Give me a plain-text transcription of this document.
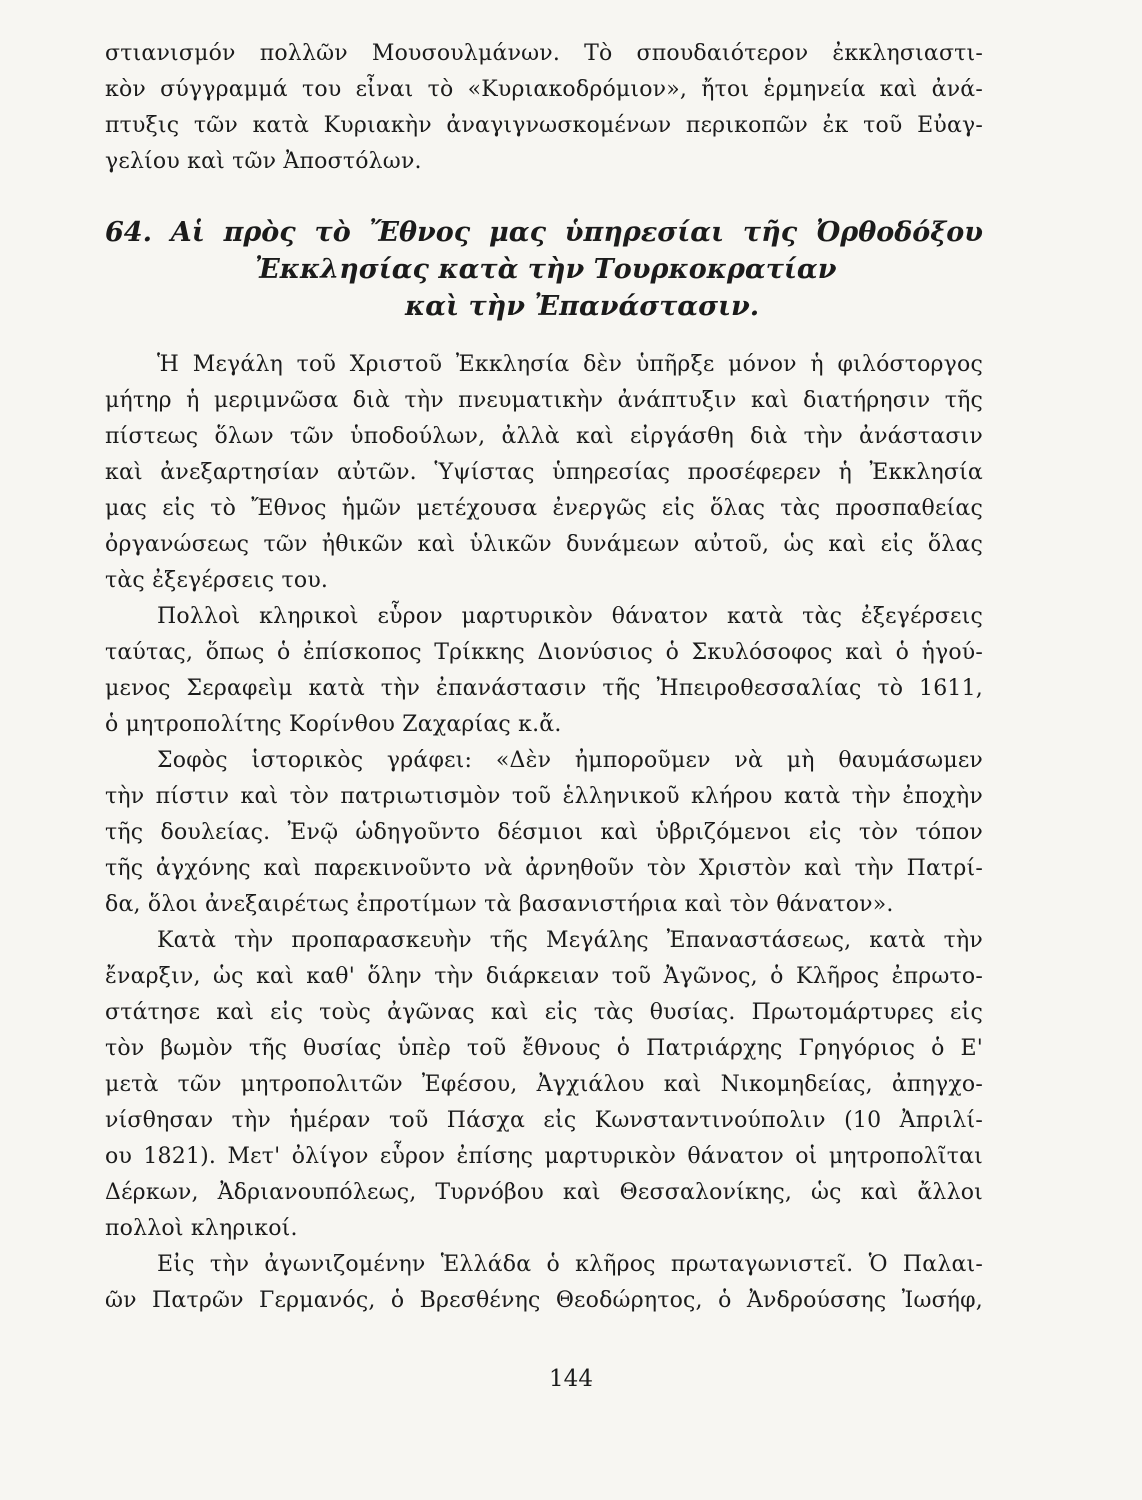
στιανισμόν πολλῶν Μουσουλμάνων. Τὸ σπουδαιότερον ἐκκλησιαστι-
κὸν σύγγραμμά του εἶναι τὸ «Κυριακοδρόμιον», ἤτοι ἑρμηνεία καὶ ἀνά-
πτυξις τῶν κατὰ Κυριακὴν ἀναγιγνωσκομένων περικοπῶν ἐκ τοῦ Εὐαγ-
γελίου καὶ τῶν Ἀποστόλων.
64. Αἱ πρὸς τὸ Ἔθνος μας ὑπηρεσίαι τῆς Ὀρθοδόξου
Ἐκκλησίας κατὰ τὴν Τουρκοκρατίαν
καὶ τὴν Ἐπανάστασιν.
Ἡ Μεγάλη τοῦ Χριστοῦ Ἐκκλησία δὲν ὑπῆρξε μόνον ἡ φιλόστοργος
μήτηρ ἡ μεριμνῶσα διὰ τὴν πνευματικὴν ἀνάπτυξιν καὶ διατήρησιν τῆς
πίστεως ὅλων τῶν ὑποδούλων, ἀλλὰ καὶ εἰργάσθη διὰ τὴν ἀνάστασιν
καὶ ἀνεξαρτησίαν αὐτῶν. Ὑψίστας ὑπηρεσίας προσέφερεν ἡ Ἐκκλησία
μας εἰς τὸ Ἔθνος ἡμῶν μετέχουσα ἐνεργῶς εἰς ὅλας τὰς προσπαθείας
ὀργανώσεως τῶν ἠθικῶν καὶ ὑλικῶν δυνάμεων αὐτοῦ, ὡς καὶ εἰς ὅλας
τὰς ἐξεγέρσεις του.
Πολλοὶ κληρικοὶ εὗρον μαρτυρικὸν θάνατον κατὰ τὰς ἐξεγέρσεις
ταύτας, ὅπως ὁ ἐπίσκοπος Τρίκκης Διονύσιος ὁ Σκυλόσοφος καὶ ὁ ἡγού-
μενος Σεραφεὶμ κατὰ τὴν ἐπανάστασιν τῆς Ἠπειροθεσσαλίας τὸ 1611,
ὁ μητροπολίτης Κορίνθου Ζαχαρίας κ.ἄ.
Σοφὸς ἱστορικὸς γράφει: «Δὲν ἠμποροῦμεν νὰ μὴ θαυμάσωμεν
τὴν πίστιν καὶ τὸν πατριωτισμὸν τοῦ ἑλληνικοῦ κλήρου κατὰ τὴν ἐποχὴν
τῆς δουλείας. Ἐνῷ ὡδηγοῦντο δέσμιοι καὶ ὑβριζόμενοι εἰς τὸν τόπον
τῆς ἀγχόνης καὶ παρεκινοῦντο νὰ ἀρνηθοῦν τὸν Χριστὸν καὶ τὴν Πατρί-
δα, ὅλοι ἀνεξαιρέτως ἐπροτίμων τὰ βασανιστήρια καὶ τὸν θάνατον».
Κατὰ τὴν προπαρασκευὴν τῆς Μεγάλης Ἐπαναστάσεως, κατὰ τὴν
ἔναρξιν, ὡς καὶ καθ' ὅλην τὴν διάρκειαν τοῦ Ἀγῶνος, ὁ Κλῆρος ἐπρωτο-
στάτησε καὶ εἰς τοὺς ἀγῶνας καὶ εἰς τὰς θυσίας. Πρωτομάρτυρες εἰς
τὸν βωμὸν τῆς θυσίας ὑπὲρ τοῦ ἔθνους ὁ Πατριάρχης Γρηγόριος ὁ Ε'
μετὰ τῶν μητροπολιτῶν Ἐφέσου, Ἀγχιάλου καὶ Νικομηδείας, ἀπηγχο-
νίσθησαν τὴν ἡμέραν τοῦ Πάσχα εἰς Κωνσταντινούπολιν (10 Ἀπριλί-
ου 1821). Μετ' ὀλίγον εὗρον ἐπίσης μαρτυρικὸν θάνατον οἱ μητροπολῖται
Δέρκων, Ἀδριανουπόλεως, Τυρνόβου καὶ Θεσσαλονίκης, ὡς καὶ ἄλλοι
πολλοὶ κληρικοί.
Εἰς τὴν ἀγωνιζομένην Ἑλλάδα ὁ κλῆρος πρωταγωνιστεῖ. Ὁ Παλαι-
ῶν Πατρῶν Γερμανός, ὁ Βρεσθένης Θεοδώρητος, ὁ Ἀνδρούσσης Ἰωσήφ,
144
